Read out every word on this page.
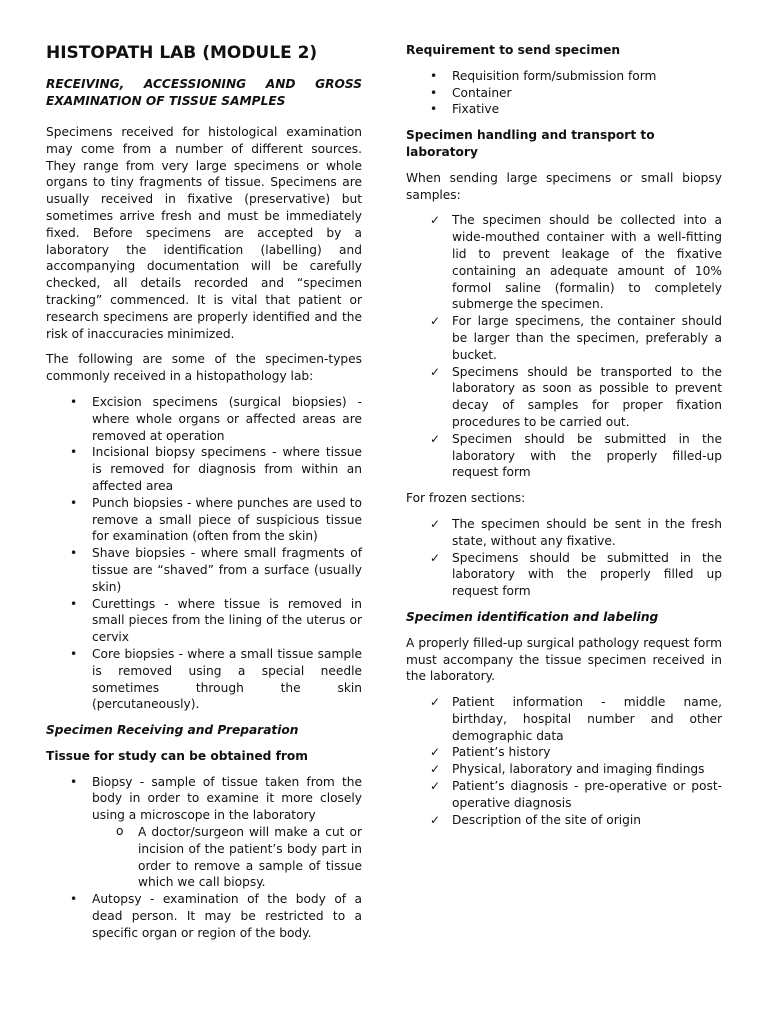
HISTOPATH LAB (MODULE 2)
RECEIVING, ACCESSIONING AND GROSS
EXAMINATION OF TISSUE SAMPLES

Specimens received for histological examination may come from a number of different sources. They range from very large specimens or whole organs to tiny fragments of tissue. Specimens are usually received in fixative (preservative) but sometimes arrive fresh and must be immediately fixed. Before specimens are accepted by a laboratory the identification (labelling) and accompanying documentation will be carefully checked, all details recorded and “specimen tracking” commenced. It is vital that patient or research specimens are properly identified and the risk of inaccuracies minimized.

The following are some of the specimen-types commonly received in a histopathology lab:

• Excision specimens (surgical biopsies) - where whole organs or affected areas are removed at operation
• Incisional biopsy specimens - where tissue is removed for diagnosis from within an affected area
• Punch biopsies - where punches are used to remove a small piece of suspicious tissue for examination (often from the skin)
• Shave biopsies - where small fragments of tissue are “shaved” from a surface (usually skin)
• Curettings - where tissue is removed in small pieces from the lining of the uterus or cervix
• Core biopsies - where a small tissue sample is removed using a special needle sometimes through the skin (percutaneously).
Specimen Receiving and Preparation
Tissue for study can be obtained from
• Biopsy - sample of tissue taken from the body in order to examine it more closely using a microscope in the laboratory
o A doctor/surgeon will make a cut or incision of the patient’s body part in order to remove a sample of tissue which we call biopsy.
• Autopsy - examination of the body of a dead person. It may be restricted to a specific organ or region of the body.
Requirement to send specimen
• Requisition form/submission form
• Container
• Fixative
Specimen handling and transport to laboratory

When sending large specimens or small biopsy samples:

✓ The specimen should be collected into a wide-mouthed container with a well-fitting lid to prevent leakage of the fixative containing an adequate amount of 10% formol saline (formalin) to completely submerge the specimen.
✓ For large specimens, the container should be larger than the specimen, preferably a bucket.
✓ Specimens should be transported to the laboratory as soon as possible to prevent decay of samples for proper fixation procedures to be carried out.
✓ Specimen should be submitted in the laboratory with the properly filled-up request form

For frozen sections:

✓ The specimen should be sent in the fresh state, without any fixative.
✓ Specimens should be submitted in the laboratory with the properly filled up request form
Specimen identification and labeling

A properly filled-up surgical pathology request form must accompany the tissue specimen received in the laboratory.

✓ Patient information - middle name, birthday, hospital number and other demographic data
✓ Patient’s history
✓ Physical, laboratory and imaging findings
✓ Patient’s diagnosis - pre-operative or post-operative diagnosis
✓ Description of the site of origin
